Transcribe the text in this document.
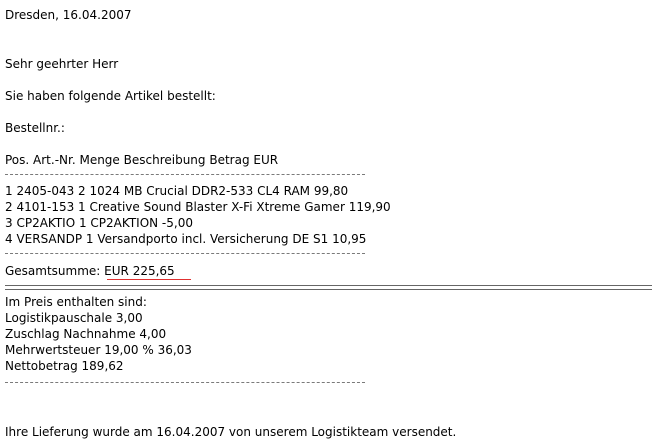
Dresden, 16.04.2007
Sehr geehrter Herr
Sie haben folgende Artikel bestellt:
Bestellnr.:
Pos. Art.-Nr. Menge Beschreibung Betrag EUR
1 2405-043 2 1024 MB Crucial DDR2-533 CL4 RAM 99,80
2 4101-153 1 Creative Sound Blaster X-Fi Xtreme Gamer 119,90
3 CP2AKTIO 1 CP2AKTION -5,00
4 VERSANDP 1 Versandporto incl. Versicherung DE S1 10,95
Gesamtsumme: EUR 225,65
Im Preis enthalten sind:
Logistikpauschale 3,00
Zuschlag Nachnahme 4,00
Mehrwertsteuer 19,00 % 36,03
Nettobetrag 189,62
Ihre Lieferung wurde am 16.04.2007 von unserem Logistikteam versendet.
